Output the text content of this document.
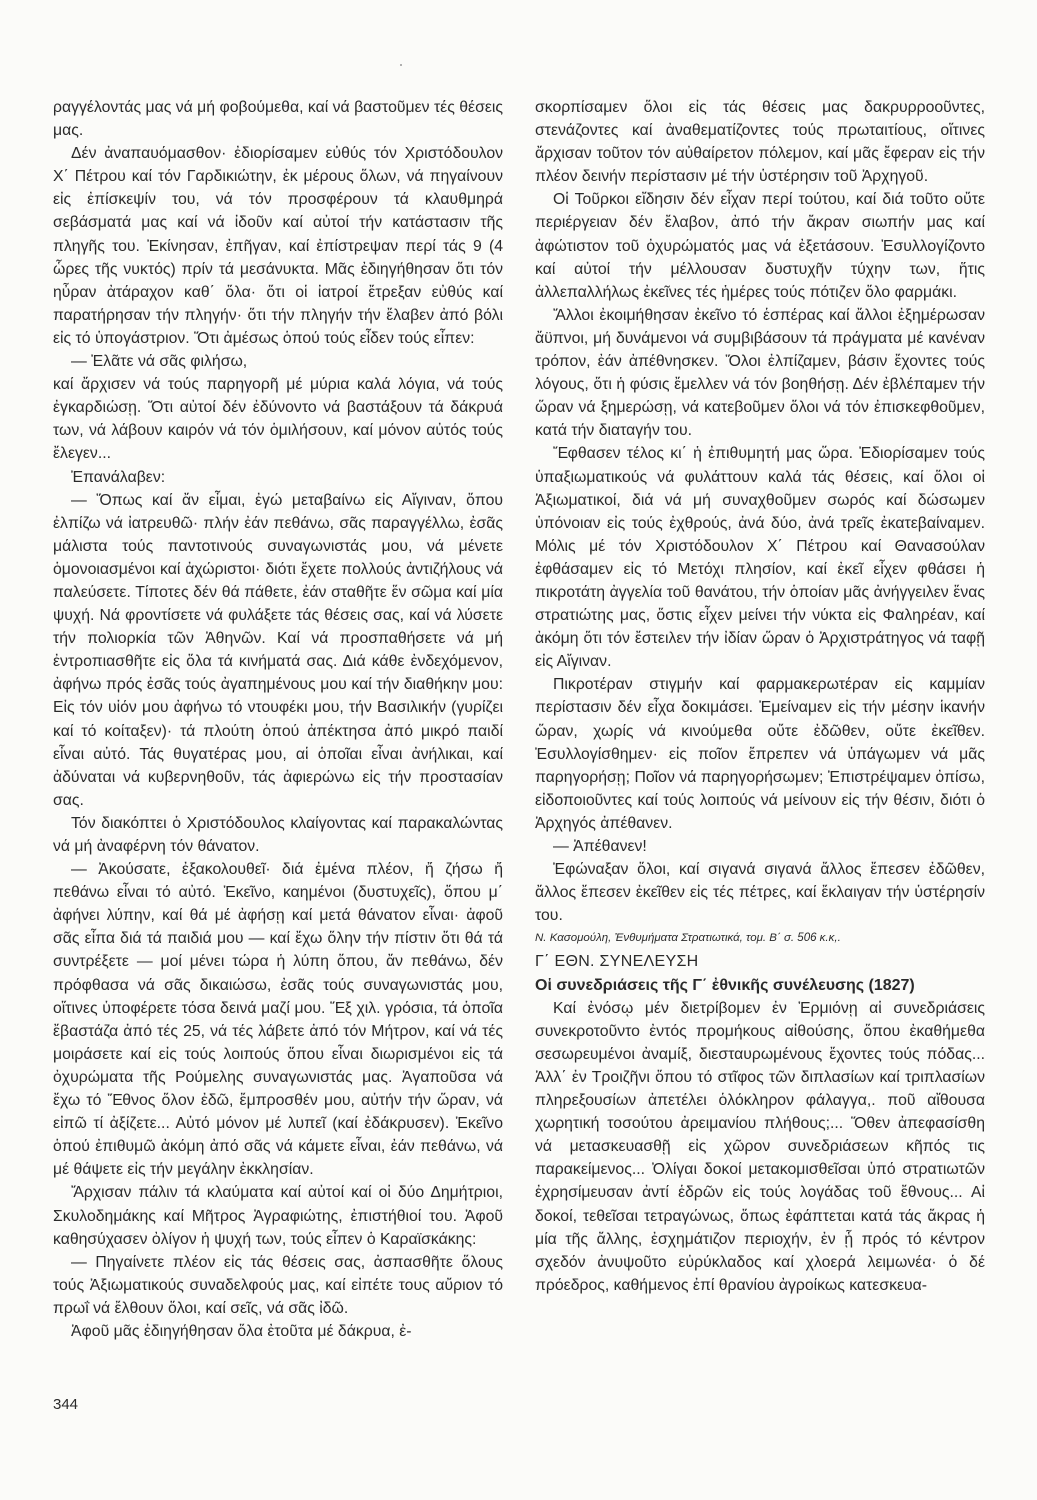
ραγγέλοντάς μας νά μή φοβούμεθα, καί νά βαστοῦμεν τές θέσεις μας.

Δέν ἀναπαυόμασθον· ἐδιορίσαμεν εὐθύς τόν Χριστόδουλον Χ΄ Πέτρου καί τόν Γαρδικιώτην, ἐκ μέρους ὅλων, νά πηγαίνουν εἰς ἐπίσκεψίν του, νά τόν προσφέρουν τά κλαυθμηρά σεβάσματά μας καί νά ἰδοῦν καί αὐτοί τήν κατάστασιν τῆς πληγῆς του. Ἐκίνησαν, ἐπῆγαν, καί ἐπίστρεψαν περί τάς 9 (4 ὧρες τῆς νυκτός) πρίν τά μεσάνυκτα. Μᾶς ἐδιηγήθησαν ὅτι τόν ηὖραν ἀτάραχον καθ΄ ὅλα· ὅτι οἱ ἰατροί ἔτρεξαν εὐθύς καί παρατήρησαν τήν πληγήν· ὅτι τήν πληγήν τήν ἔλαβεν ἀπό βόλι εἰς τό ὑπογάστριον. Ὅτι ἀμέσως ὁπού τούς εἶδεν τούς εἶπεν:

— Ἐλᾶτε νά σᾶς φιλήσω,

καί ἄρχισεν νά τούς παρηγορῆ μέ μύρια καλά λόγια, νά τούς ἐγκαρδιώσῃ. Ὅτι αὐτοί δέν ἐδύνοντο νά βαστάξουν τά δάκρυά των, νά λάβουν καιρόν νά τόν ὁμιλήσουν, καί μόνον αὐτός τούς ἔλεγεν...

Ἐπανάλαβεν:

— Ὅπως καί ἄν εἶμαι, ἐγώ μεταβαίνω εἰς Αἴγιναν, ὅπου ἐλπίζω νά ἰατρευθῶ· πλήν ἐάν πεθάνω, σᾶς παραγγέλλω, ἐσᾶς μάλιστα τούς παντοτινούς συναγωνιστάς μου, νά μένετε ὁμονοιασμένοι καί ἀχώριστοι· διότι ἔχετε πολλούς ἀντιζήλους νά παλεύσετε. Τίποτες δέν θά πάθετε, ἐάν σταθῆτε ἕν σῶμα καί μία ψυχή. Νά φροντίσετε νά φυλάξετε τάς θέσεις σας, καί νά λύσετε τήν πολιορκία τῶν Ἀθηνῶν. Καί νά προσπαθήσετε νά μή ἐντροπιασθῆτε εἰς ὅλα τά κινήματά σας. Διά κάθε ἐνδεχόμενον, ἀφήνω πρός ἐσᾶς τούς ἀγαπημένους μου καί τήν διαθήκην μου: Εἰς τόν υἱόν μου ἀφήνω τό ντουφέκι μου, τήν Βασιλικήν (γυρίζει καί τό κοίταξεν)· τά πλούτη ὁπού ἀπέκτησα ἀπό μικρό παιδί εἶναι αὐτό. Τάς θυγατέρας μου, αἱ ὁποῖαι εἶναι ἀνήλικαι, καί ἀδύναται νά κυβερνηθοῦν, τάς ἀφιερώνω εἰς τήν προστασίαν σας.

Τόν διακόπτει ὁ Χριστόδουλος κλαίγοντας καί παρακαλώντας νά μή ἀναφέρνη τόν θάνατον.

— Ἀκούσατε, ἐξακολουθεῖ· διά ἐμένα πλέον, ἤ ζήσω ἤ πεθάνω εἶναι τό αὐτό. Ἐκεῖνο, καημένοι (δυστυχεῖς), ὅπου μ΄ ἀφήνει λύπην, καί θά μέ ἀφήσῃ καί μετά θάνατον εἶναι· ἀφοῦ σᾶς εἶπα διά τά παιδιά μου — καί ἔχω ὅλην τήν πίστιν ὅτι θά τά συντρέξετε — μοί μένει τώρα ἡ λύπη ὅπου, ἄν πεθάνω, δέν πρόφθασα νά σᾶς δικαιώσω, ἐσᾶς τούς συναγωνιστάς μου, οἵτινες ὑποφέρετε τόσα δεινά μαζί μου. Ἕξ χιλ. γρόσια, τά ὁποῖα ἔβαστάζα ἀπό τές 25, νά τές λάβετε ἀπό τόν Μήτρον, καί νά τές μοιράσετε καί εἰς τούς λοιπούς ὅπου εἶναι διωρισμένοι εἰς τά ὀχυρώματα τῆς Ρούμελης συναγωνιστάς μας. Ἀγαποῦσα νά ἔχω τό Ἔθνος ὅλον ἐδῶ, ἔμπροσθέν μου, αὐτήν τήν ὥραν, νά εἰπῶ τί ἀξίζετε... Αὐτό μόνον μέ λυπεῖ (καί ἐδάκρυσεν). Ἐκεῖνο ὁπού ἐπιθυμῶ ἀκόμη ἀπό σᾶς νά κάμετε εἶναι, ἐάν πεθάνω, νά μέ θάψετε εἰς τήν μεγάλην ἐκκλησίαν.

Ἄρχισαν πάλιν τά κλαύματα καί αὐτοί καί οἱ δύο Δημήτριοι, Σκυλοδημάκης καί Μῆτρος Ἀγραφιώτης, ἐπιστήθιοί του. Ἀφοῦ καθησύχασεν ὀλίγον ἡ ψυχή των, τούς εἶπεν ὁ Καραϊσκάκης:

— Πηγαίνετε πλέον εἰς τάς θέσεις σας, ἀσπασθῆτε ὅλους τούς Ἀξιωματικούς συναδελφούς μας, καί εἰπέτε τους αὔριον τό πρωΐ νά ἔλθουν ὅλοι, καί σεῖς, νά σᾶς ἰδῶ.

Ἀφοῦ μᾶς ἐδιηγήθησαν ὅλα ἐτοῦτα μέ δάκρυα, ἐ-

σκορπίσαμεν ὅλοι εἰς τάς θέσεις μας δακρυρροοῦντες, στενάζοντες καί ἀναθεματίζοντες τούς πρωταιτίους, οἵτινες ἄρχισαν τοῦτον τόν αὐθαίρετον πόλεμον, καί μᾶς ἔφεραν εἰς τήν πλέον δεινήν περίστασιν μέ τήν ὑστέρησιν τοῦ Ἀρχηγοῦ.

Οἱ Τοῦρκοι εἴδησιν δέν εἶχαν περί τούτου, καί διά τοῦτο οὔτε περιέργειαν δέν ἔλαβον, ἀπό τήν ἄκραν σιωπήν μας καί ἀφώτιστον τοῦ ὀχυρώματός μας νά ἐξετάσουν. Ἐσυλλογίζοντο καί αὐτοί τήν μέλλουσαν δυστυχῆν τύχην των, ἥτις ἀλλεπαλλήλως ἐκεῖνες τές ἡμέρες τούς πότιζεν ὅλο φαρμάκι.

Ἄλλοι ἐκοιμήθησαν ἐκεῖνο τό ἑσπέρας καί ἄλλοι ἐξημέρωσαν ἄϋπνοι, μή δυνάμενοι νά συμβιβάσουν τά πράγματα μέ κανέναν τρόπον, ἐάν ἀπέθνησκεν. Ὅλοι ἐλπίζαμεν, βάσιν ἔχοντες τούς λόγους, ὅτι ἡ φύσις ἔμελλεν νά τόν βοηθήσῃ. Δέν ἐβλέπαμεν τήν ὥραν νά ξημερώσῃ, νά κατεβοῦμεν ὅλοι νά τόν ἐπισκεφθοῦμεν, κατά τήν διαταγήν του.

Ἔφθασεν τέλος κι΄ ἡ ἐπιθυμητή μας ὥρα. Ἐδιορίσαμεν τούς ὑπαξιωματικούς νά φυλάττουν καλά τάς θέσεις, καί ὅλοι οἱ Ἀξιωματικοί, διά νά μή συναχθοῦμεν σωρός καί δώσωμεν ὑπόνοιαν εἰς τούς ἐχθρούς, ἀνά δύο, ἀνά τρεῖς ἐκατεβαίναμεν. Μόλις μέ τόν Χριστόδουλον Χ΄ Πέτρου καί Θανασούλαν ἐφθάσαμεν εἰς τό Μετόχι πλησίον, καί ἐκεῖ εἶχεν φθάσει ἡ πικροτάτη ἀγγελία τοῦ θανάτου, τήν ὁποίαν μᾶς ἀνήγγειλεν ἕνας στρατιώτης μας, ὅστις εἶχεν μείνει τήν νύκτα εἰς Φαληρέαν, καί ἀκόμη ὅτι τόν ἔστειλεν τήν ἰδίαν ὥραν ὁ Ἀρχιστράτηγος νά ταφῇ εἰς Αἴγιναν.

Πικροτέραν στιγμήν καί φαρμακερωτέραν εἰς καμμίαν περίστασιν δέν εἶχα δοκιμάσει. Ἐμείναμεν εἰς τήν μέσην ἱκανήν ὥραν, χωρίς νά κινούμεθα οὔτε ἐδῶθεν, οὔτε ἐκεῖθεν. Ἐσυλλογίσθημεν· εἰς ποῖον ἔπρεπεν νά ὑπάγωμεν νά μᾶς παρηγορήσῃ; Ποῖον νά παρηγορήσωμεν; Ἐπιστρέψαμεν ὀπίσω, εἰδοποιοῦντες καί τούς λοιπούς νά μείνουν εἰς τήν θέσιν, διότι ὁ Ἀρχηγός ἀπέθανεν.

— Ἀπέθανεν!

Ἐφώναξαν ὅλοι, καί σιγανά σιγανά ἄλλος ἔπεσεν ἐδῶθεν, ἄλλος ἔπεσεν ἐκεῖθεν εἰς τές πέτρες, καί ἔκλαιγαν τήν ὑστέρησίν του.

Ν. Κασομούλη, Ἐνθυμήματα Στρατιωτικά, τομ. Β΄ σ. 506 κ.κ,.

Γ΄ ΕΘΝ. ΣΥΝΕΛΕΥΣΗ

Οἱ συνεδριάσεις τῆς Γ΄ ἐθνικῆς συνέλευσης (1827)

Καί ἐνόσῳ μέν διετρίβομεν ἐν Ἑρμιόνῃ αἱ συνεδριάσεις συνεκροτοῦντο ἐντός προμήκους αἰθούσης, ὅπου ἐκαθήμεθα σεσωρευμένοι ἀναμίξ, διεσταυρωμένους ἔχοντες τούς πόδας... Ἀλλ΄ ἐν Τροιζῆνι ὅπου τό στῖφος τῶν διπλασίων καί τριπλασίων πληρεξουσίων ἀπετέλει ὁλόκληρον φάλαγγα,. ποῦ αἴθουσα χωρητική τοσούτου ἀρειμανίου πλήθους;... Ὅθεν ἀπεφασίσθη νά μετασκευασθῇ εἰς χῶρον συνεδριάσεων κῆπός τις παρακείμενος... Ὀλίγαι δοκοί μετακομισθεῖσαι ὑπό στρατιωτῶν ἐχρησίμευσαν ἀντί ἑδρῶν εἰς τούς λογάδας τοῦ ἔθνους... Αἱ δοκοί, τεθεῖσαι τετραγώνως, ὅπως ἐφάπτεται κατά τάς ἄκρας ἡ μία τῆς ἄλλης, ἐσχημάτιζον περιοχήν, ἐν ᾗ πρός τό κέντρον σχεδόν ἀνυψοῦτο εὐρύκλαδος καί χλοερά λειμωνέα· ὁ δέ πρόεδρος, καθήμενος ἐπί θρανίου ἀγροίκως κατεσκευα-

344
